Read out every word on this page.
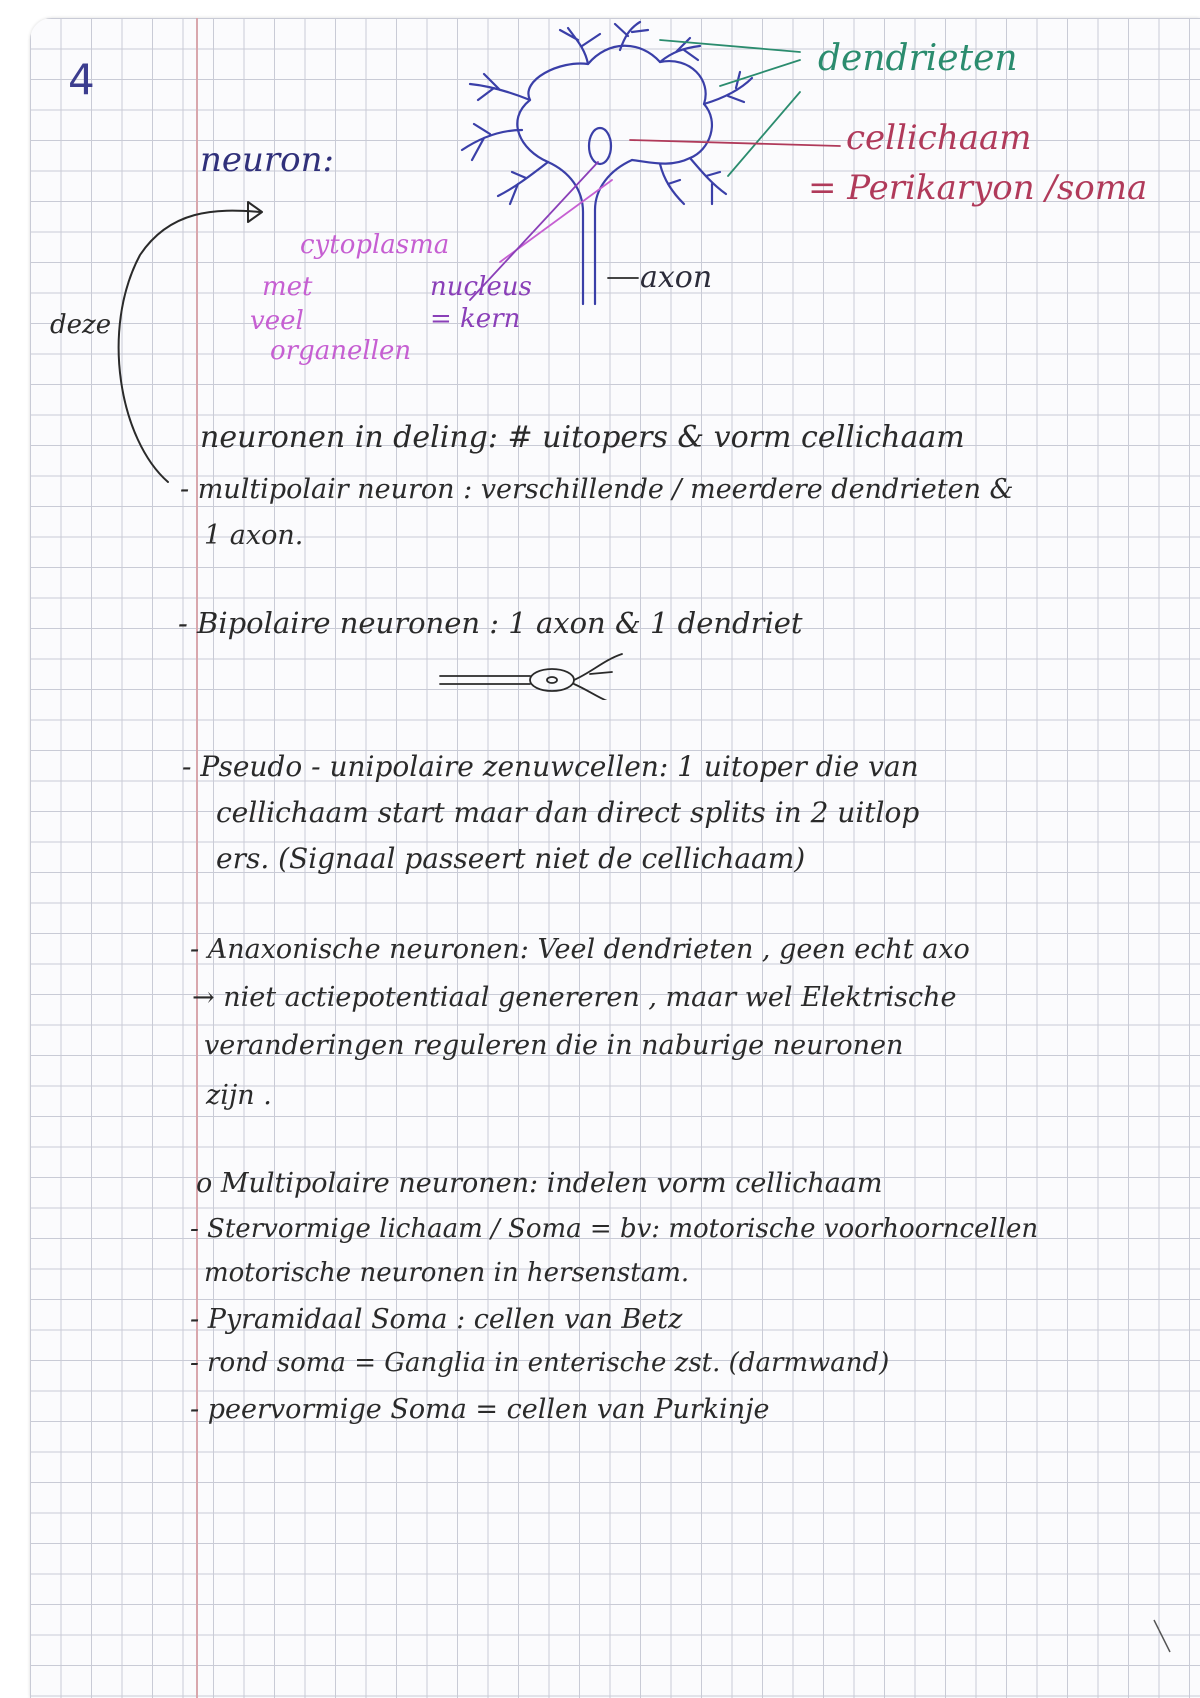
4
deze
neuron:
dendrieten
cellichaam
= Perikaryon /soma
axon
cytoplasma
met
veel
organellen
nucleus
= kern
neuronen in deling: # uitopers & vorm cellichaam
- multipolair neuron : verschillende / meerdere dendrieten &
1 axon.
- Bipolaire neuronen : 1 axon & 1 dendriet
- Pseudo - unipolaire zenuwcellen: 1 uitoper die van
cellichaam start maar dan direct splits in 2 uitlop
ers. (Signaal passeert niet de cellichaam)
- Anaxonische neuronen: Veel dendrieten , geen echt axo
→ niet actiepotentiaal genereren , maar wel Elektrische
veranderingen reguleren die in naburige neuronen
zijn .
o Multipolaire neuronen: indelen vorm cellichaam
- Stervormige lichaam / Soma = bv: motorische voorhoorncellen
motorische neuronen in hersenstam.
- Pyramidaal Soma : cellen van Betz
- rond soma = Ganglia in enterische zst. (darmwand)
- peervormige Soma = cellen van Purkinje
